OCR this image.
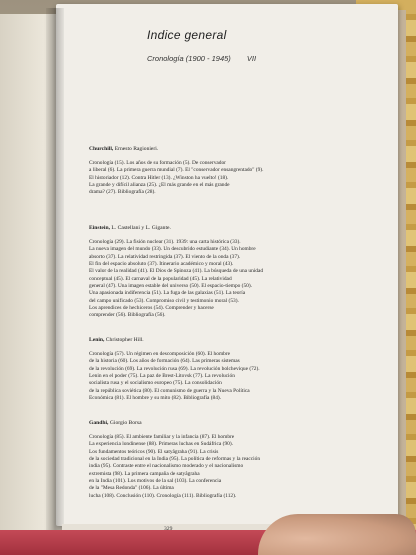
Indice general
Cronología (1900 - 1945) VII
Churchill, Ernesto Ragionieri.
Cronología (15). Los años de su formación (5). De conservador
a liberal (6). La primera guerra mundial (7). El "conservador ensangrentado" (9).
El historiador (12). Contra Hitler (13). ¿Winston ha vuelto! (18).
La grande y difícil alianza (25). ¿El más grande en el más grande
drama? (27). Bibliografía (28).
Einstein, L. Castellani y L. Gigante.
Cronología (29). La fisión nuclear (31). 1939: una carta histórica (33).
La nueva imagen del mundo (33). Un descubrido estudiante (34). Un hombre
absorto (37). La relatividad restringida (37). El viento de la onda (37).
El fin del espacio absoluto (37). Itinerario académico y moral (43).
El valor de la realidad (41). El Dios de Spinoza (41). La búsqueda de una unidad
conceptual (45). El carnaval de la popularidad (45). La relatividad
general (47). Una imagen estable del universo (50). El espacio-tiempo (50).
Una apasionada indiferencia (51). La fuga de las galaxias (51). La teoría
del campo unificado (53). Compromiso civil y testimonio moral (53).
Los aprendices de hechiceros (54). Comprender y hacerse
comprender (56). Bibliografía (56).
Lenin, Christopher Hill.
Cronología (57). Un régimen en descomposición (60). El hombre
de la historia (60). Los años de formación (64). Las primeras sistemas
de la revolución (69). La revolución rusa (69). La revolución bolchevique (72).
Lenin en el poder (75). La paz de Brest-Litovsk (77). La revolución
socialista rusa y el socialismo europeo (75). La consolidación
de la república soviética (80). El comunismo de guerra y la Nueva Política
Económica (81). El hombre y su mito (82). Bibliografía (84).
Gandhi, Giorgio Borsa
Cronología (85). El ambiente familiar y la infancia (87). El hombre
La experiencia londinense (88). Primeras luchas en Sudáfrica (90).
Los fundamentos teóricos (90). El satyâgraha (91). La crisis
de la sociedad tradicional en la India (95). La política de reformas y la reacción
india (95). Contraste entre el nacionalismo moderado y el nacionalismo
extremista (98). La primera campaña de satyâgraha
en la India (101). Los motivos de la sal (103). La conferencia
de la "Mesa Redonda" (106). La última
lucha (108). Conclusión (110). Cronología (111). Bibliografía (112).
329
